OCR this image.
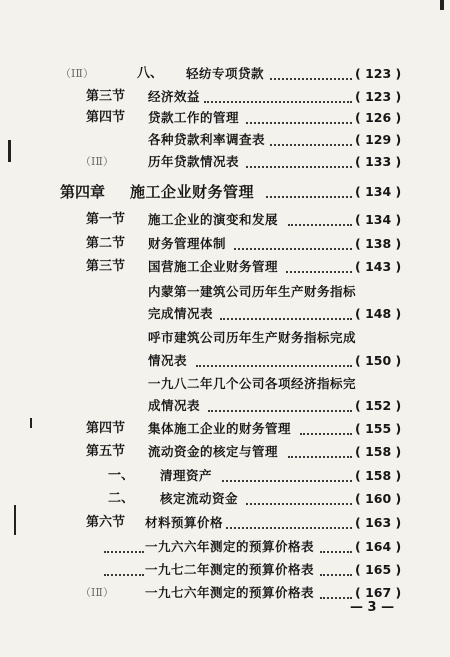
（ⅠⅡ）	八、 轻纺专项贷款	( 123 )
第三节 经济效益	( 123 )
第四节 贷款工作的管理	( 126 )
各种贷款利率调查表	( 129 )
（ⅠⅡ）	历年贷款情况表	( 133 )
第四章 施工企业财务管理	( 134 )
第一节 施工企业的演变和发展	( 134 )
第二节 财务管理体制	( 138 )
第三节 国营施工企业财务管理	( 143 )
内蒙第一建筑公司历年生产财务指标
完成情况表	( 148 )
呼市建筑公司历年生产财务指标完成
情况表	( 150 )
一九八二年几个公司各项经济指标完
成情况表	( 152 )
第四节 集体施工企业的财务管理	( 155 )
第五节 流动资金的核定与管理	( 158 )
一、 清理资产	( 158 )
二、 核定流动资金	( 160 )
第六节 材料预算价格	( 163 )
一九六六年测定的预算价格表	( 164 )
一九七二年测定的预算价格表	( 165 )
（ⅠⅡ） 一九七六年测定的预算价格表	( 167 )
— 3 —
